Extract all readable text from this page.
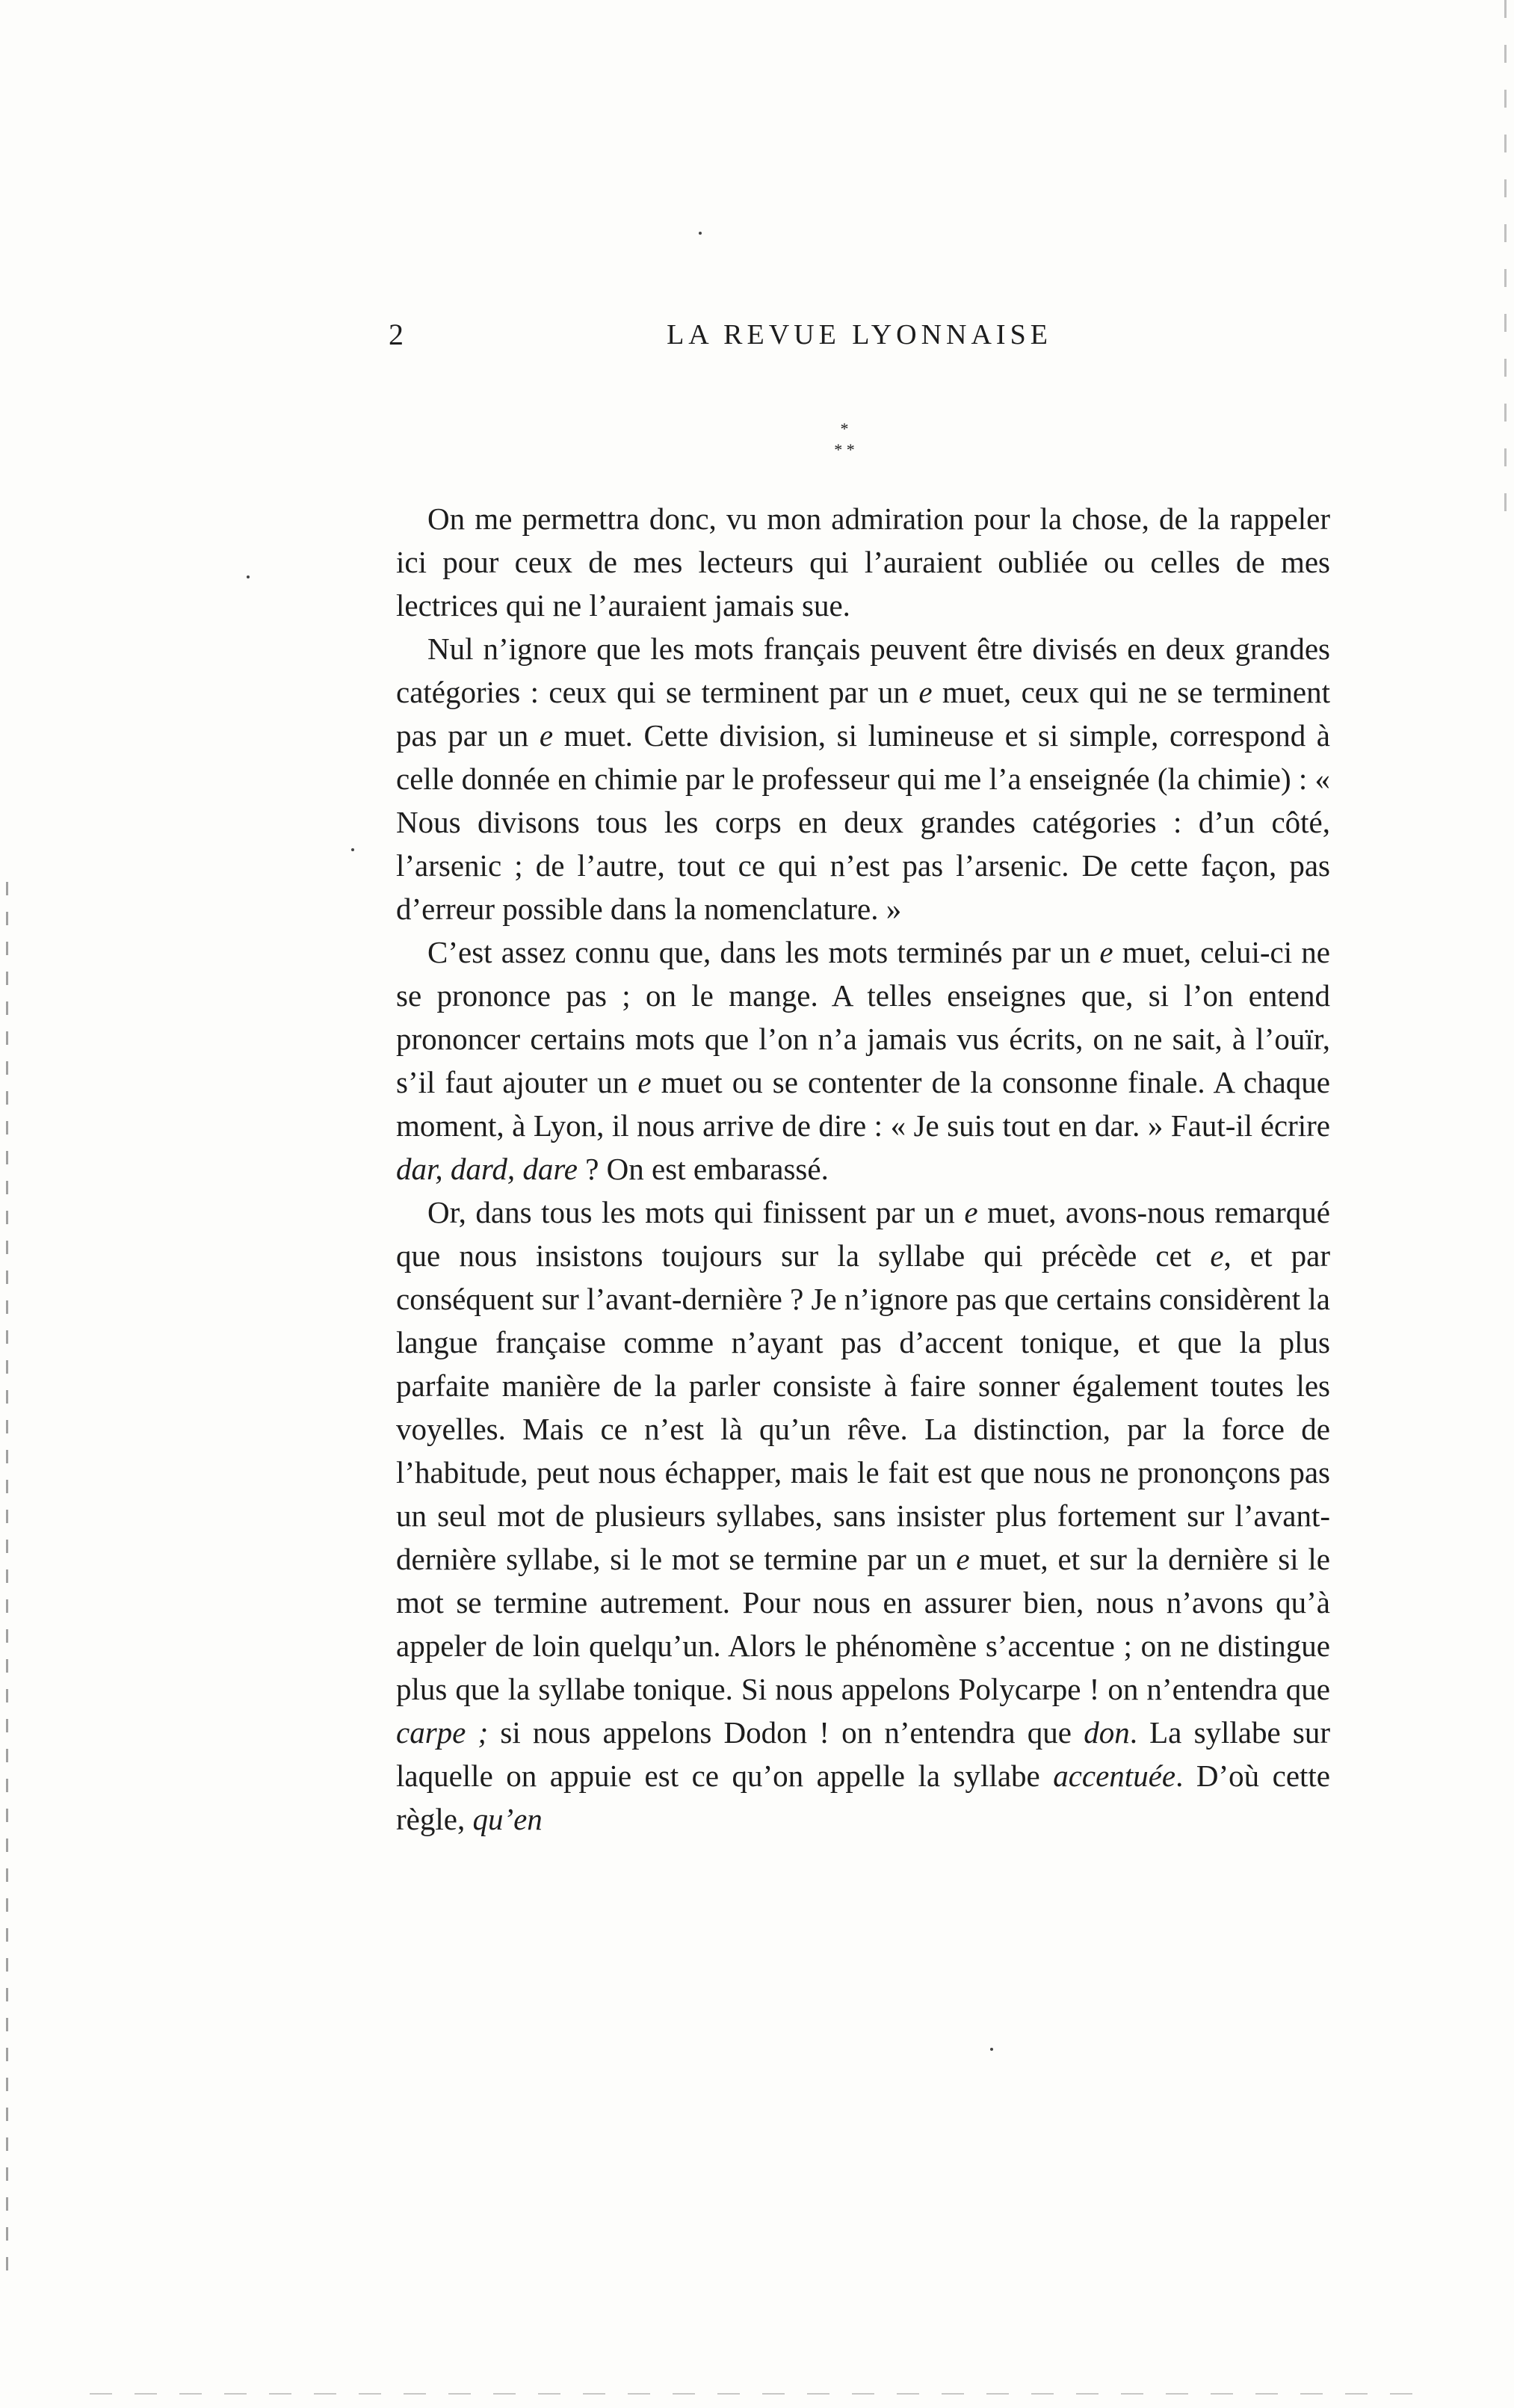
2	LA REVUE LYONNAISE
*
* *

On me permettra donc, vu mon admiration pour la chose, de la rappeler ici pour ceux de mes lecteurs qui l’auraient oubliée ou celles de mes lectrices qui ne l’auraient jamais sue.

Nul n’ignore que les mots français peuvent être divisés en deux grandes catégories : ceux qui se terminent par un e muet, ceux qui ne se terminent pas par un e muet. Cette division, si lumineuse et si simple, correspond à celle donnée en chimie par le professeur qui me l’a enseignée (la chimie) : « Nous divisons tous les corps en deux grandes catégories : d’un côté, l’arsenic ; de l’autre, tout ce qui n’est pas l’arsenic. De cette façon, pas d’erreur possible dans la nomenclature. »

C’est assez connu que, dans les mots terminés par un e muet, celui-ci ne se prononce pas ; on le mange. A telles enseignes que, si l’on entend prononcer certains mots que l’on n’a jamais vus écrits, on ne sait, à l’ouïr, s’il faut ajouter un e muet ou se contenter de la consonne finale. A chaque moment, à Lyon, il nous arrive de dire : « Je suis tout en dar. » Faut-il écrire dar, dard, dare ? On est embarassé.

Or, dans tous les mots qui finissent par un e muet, avons-nous remarqué que nous insistons toujours sur la syllabe qui précède cet e, et par conséquent sur l’avant-dernière ? Je n’ignore pas que certains considèrent la langue française comme n’ayant pas d’accent tonique, et que la plus parfaite manière de la parler consiste à faire sonner également toutes les voyelles. Mais ce n’est là qu’un rêve. La distinction, par la force de l’habitude, peut nous échapper, mais le fait est que nous ne prononçons pas un seul mot de plusieurs syllabes, sans insister plus fortement sur l’avant-dernière syllabe, si le mot se termine par un e muet, et sur la dernière si le mot se termine autrement. Pour nous en assurer bien, nous n’avons qu’à appeler de loin quelqu’un. Alors le phénomène s’accentue ; on ne distingue plus que la syllabe tonique. Si nous appelons Polycarpe ! on n’entendra que carpe ; si nous appelons Dodon ! on n’entendra que don. La syllabe sur laquelle on appuie est ce qu’on appelle la syllabe accentuée. D’où cette règle, qu’en
